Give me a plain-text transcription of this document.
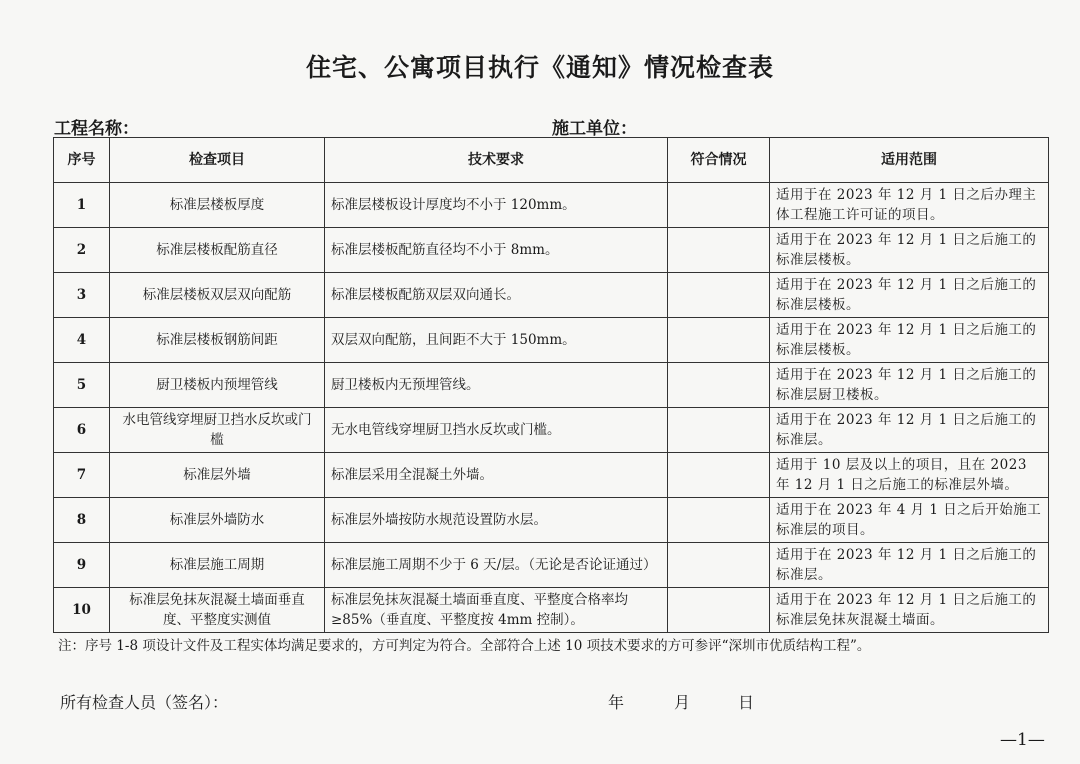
住宅、公寓项目执行《通知》情况检查表
工程名称：	施工单位：
序号	检查项目	技术要求	符合情况	适用范围
1	标准层楼板厚度	标准层楼板设计厚度均不小于 120mm。		适用于在 2023 年 12 月 1 日之后办理主体工程施工许可证的项目。
2	标准层楼板配筋直径	标准层楼板配筋直径均不小于 8mm。		适用于在 2023 年 12 月 1 日之后施工的标准层楼板。
3	标准层楼板双层双向配筋	标准层楼板配筋双层双向通长。		适用于在 2023 年 12 月 1 日之后施工的标准层楼板。
4	标准层楼板钢筋间距	双层双向配筋，且间距不大于 150mm。		适用于在 2023 年 12 月 1 日之后施工的标准层楼板。
5	厨卫楼板内预埋管线	厨卫楼板内无预埋管线。		适用于在 2023 年 12 月 1 日之后施工的标准层厨卫楼板。
6	水电管线穿埋厨卫挡水反坎或门槛	无水电管线穿埋厨卫挡水反坎或门槛。		适用于在 2023 年 12 月 1 日之后施工的标准层。
7	标准层外墙	标准层采用全混凝土外墙。		适用于 10 层及以上的项目，且在 2023 年 12 月 1 日之后施工的标准层外墙。
8	标准层外墙防水	标准层外墙按防水规范设置防水层。		适用于在 2023 年 4 月 1 日之后开始施工标准层的项目。
9	标准层施工周期	标准层施工周期不少于 6 天/层。（无论是否论证通过）		适用于在 2023 年 12 月 1 日之后施工的标准层。
10	标准层免抹灰混凝土墙面垂直度、平整度实测值	标准层免抹灰混凝土墙面垂直度、平整度合格率均≥85%（垂直度、平整度按 4mm 控制）。		适用于在 2023 年 12 月 1 日之后施工的标准层免抹灰混凝土墙面。
注：序号 1-8 项设计文件及工程实体均满足要求的，方可判定为符合。全部符合上述 10 项技术要求的方可参评“深圳市优质结构工程”。
所有检查人员（签名）：	年	月	日
—1—
